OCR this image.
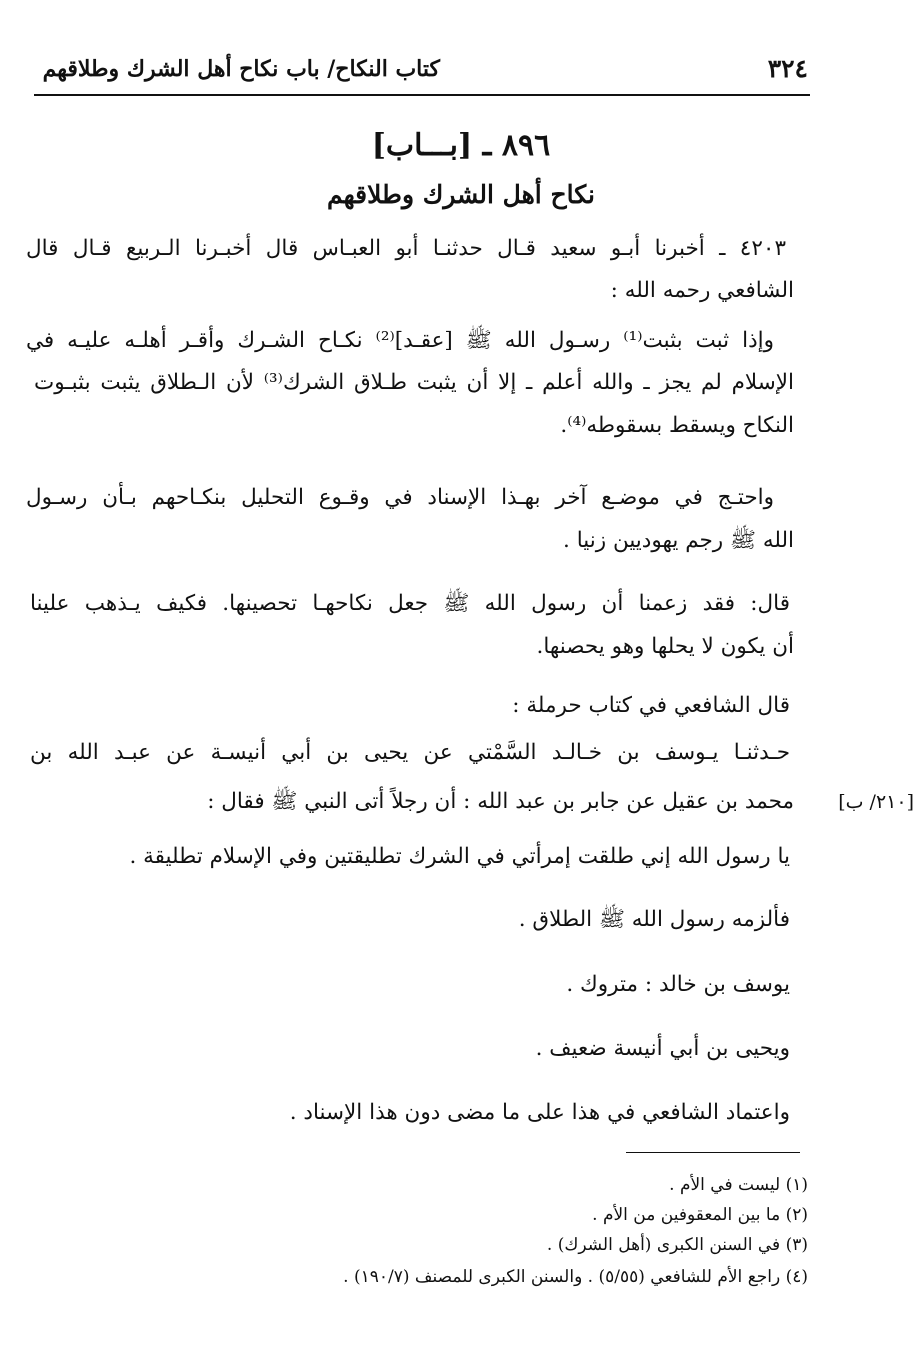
٣٢٤
كتاب النكاح/ باب نكاح أهل الشرك وطلاقهم
٨٩٦ ـ [بـــاب]
نكاح أهل الشرك وطلاقهم
٤٢٠٣ ـ أخبرنا أبـو سعيد قـال حدثنـا أبو العبـاس قال أخبـرنا الـربيع قـال قال
الشافعي رحمه الله :
وإذا ثبت بثبت⁽¹⁾ رسـول الله ﷺ [عقـد]⁽²⁾ نكـاح الشـرك وأقـر أهلـه عليـه في
الإسلام لم يجز ـ والله أعلم ـ إلا أن يثبت طـلاق الشرك⁽³⁾ لأن الـطلاق يثبت بثبـوت
النكاح ويسقط بسقوطه⁽⁴⁾.
واحتـج في موضـع آخر بهـذا الإسناد في وقـوع التحليل بنكـاحهم بـأن رسـول
الله ﷺ رجم يهوديين زنيا .
قال: فقد زعمنا أن رسول الله ﷺ جعل نكاحهـا تحصينها. فكيف يـذهب علينا
أن يكون لا يحلها وهو يحصنها.
قال الشافعي في كتاب حرملة :
حـدثنـا يـوسف بن خـالـد السَّمْتي عن يحيى بن أبي أنيسـة عن عبـد الله بن
محمد بن عقيل عن جابر بن عبد الله : أن رجلاً أتى النبي ﷺ فقال : [٢١٠/ ب]
يا رسول الله إني طلقت إمرأتي في الشرك تطليقتين وفي الإسلام تطليقة .
فألزمه رسول الله ﷺ الطلاق .
يوسف بن خالد : متروك .
ويحيى بن أبي أنيسة ضعيف .
واعتماد الشافعي في هذا على ما مضى دون هذا الإسناد .
(١) ليست في الأم .
(٢) ما بين المعقوفين من الأم .
(٣) في السنن الكبرى (أهل الشرك) .
(٤) راجع الأم للشافعي (٥/٥٥) . والسنن الكبرى للمصنف (١٩٠/٧) .
